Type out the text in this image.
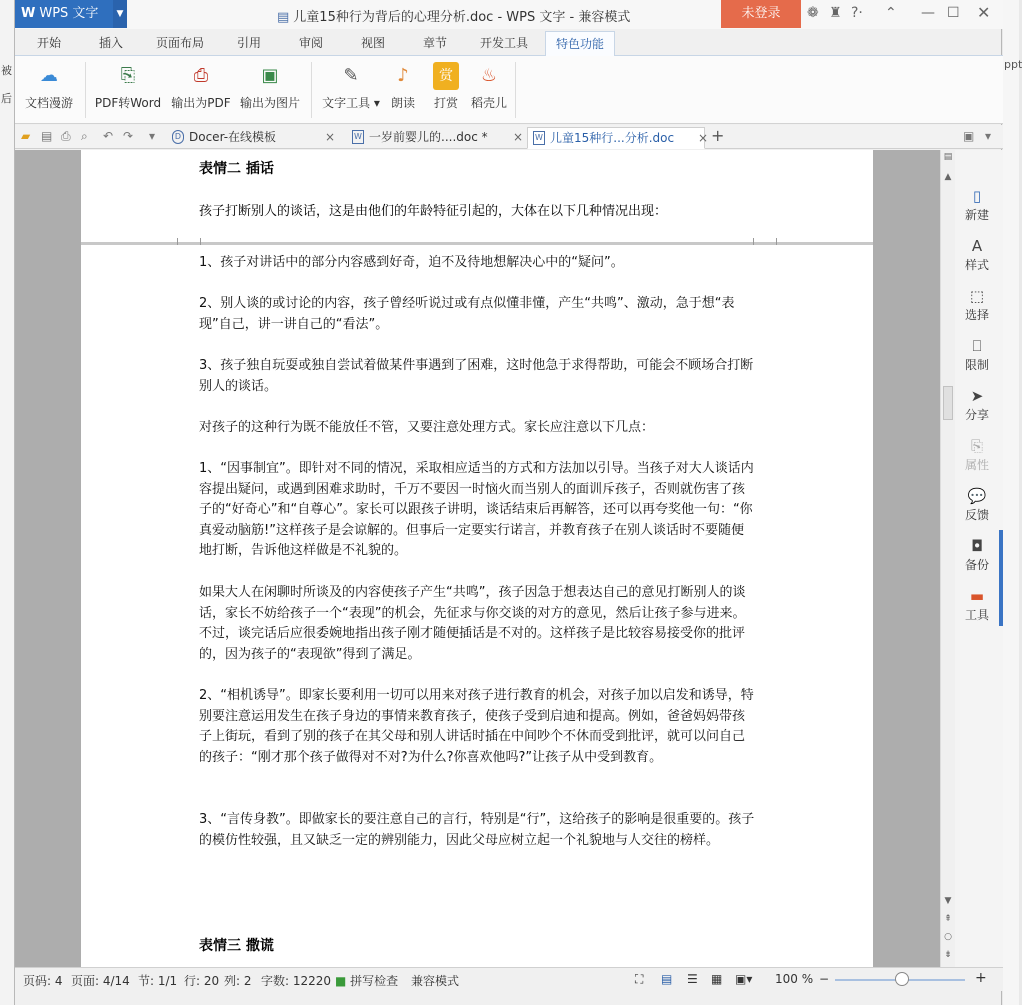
被
后
W WPS 文字	▼	▤ 儿童15种行为背后的心理分析.doc - WPS 文字 - 兼容模式	未登录	❁ ♜ ?· ⌃ — ☐ ✕
开始	插入	页面布局	引用	审阅	视图	章节	开发工具	特色功能
☁
文档漫游
⎘
PDF转Word
⎙
输出为PDF
▣
输出为图片
✎
文字工具 ▾
♪
朗读
赏
打赏
♨
稻壳儿
▰ ▤ ⎙ ⌕ ↶ ↷ ▾	D Docer-在线模板	× W 一岁前婴儿的....doc * × W 儿童15种行...分析.doc × +	▣ ▾
表情二 插话
孩子打断别人的谈话，这是由他们的年龄特征引起的，大体在以下几种情况出现：
1、孩子对讲话中的部分内容感到好奇，迫不及待地想解决心中的“疑问”。
2、别人谈的或讨论的内容，孩子曾经听说过或有点似懂非懂，产生“共鸣”、激动，急于想“表现”自己，讲一讲自己的“看法”。
3、孩子独自玩耍或独自尝试着做某件事遇到了困难，这时他急于求得帮助，可能会不顾场合打断别人的谈话。
对孩子的这种行为既不能放任不管，又要注意处理方式。家长应注意以下几点：
1、“因事制宜”。即针对不同的情况，采取相应适当的方式和方法加以引导。当孩子对大人谈话内容提出疑问，或遇到困难求助时，千万不要因一时恼火而当别人的面训斥孩子，否则就伤害了孩子的“好奇心”和“自尊心”。家长可以跟孩子讲明，谈话结束后再解答，还可以再夸奖他一句：“你真爱动脑筋!”这样孩子是会谅解的。但事后一定要实行诺言，并教育孩子在别人谈话时不要随便地打断，告诉他这样做是不礼貌的。
如果大人在闲聊时所谈及的内容使孩子产生“共鸣”，孩子因急于想表达自己的意见打断别人的谈话，家长不妨给孩子一个“表现”的机会，先征求与你交谈的对方的意见，然后让孩子参与进来。不过，谈完话后应很委婉地指出孩子刚才随便插话是不对的。这样孩子是比较容易接受你的批评的，因为孩子的“表现欲”得到了满足。
2、“相机诱导”。即家长要利用一切可以用来对孩子进行教育的机会，对孩子加以启发和诱导，特别要注意运用发生在孩子身边的事情来教育孩子，使孩子受到启迪和提高。例如，爸爸妈妈带孩子上街玩，看到了别的孩子在其父母和别人讲话时插在中间吵个不休而受到批评，就可以问自己的孩子：“刚才那个孩子做得对不对?为什么?你喜欢他吗?”让孩子从中受到教育。
3、“言传身教”。即做家长的要注意自己的言行，特别是“行”，这给孩子的影响是很重要的。孩子的模仿性较强，且又缺乏一定的辨别能力，因此父母应树立起一个礼貌地与人交往的榜样。
表情三 撒谎
▤
▲
▼
⇞
○
⇟
▯
新建
A
样式
⬚
选择
⎕
限制
➤
分享
⎘
属性
💬
反馈
◘
备份
▬
工具
页码: 4 页面: 4/14 节: 1/1 行: 20 列: 2 字数: 12220 ■ 拼写检查 兼容模式	⛶ ▤ ☰ ▦ ▣▾ 100 % −	+
ppt
